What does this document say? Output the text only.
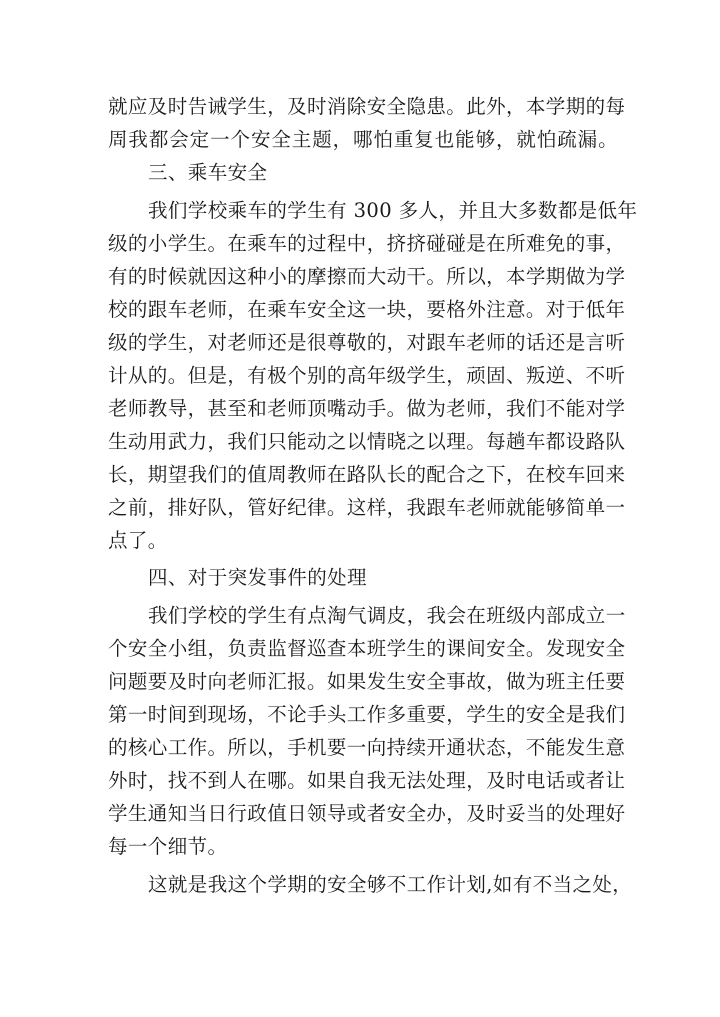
就应及时告诫学生，及时消除安全隐患。此外，本学期的每
周我都会定一个安全主题，哪怕重复也能够，就怕疏漏。
三、乘车安全
我们学校乘车的学生有 300 多人，并且大多数都是低年
级的小学生。在乘车的过程中，挤挤碰碰是在所难免的事，
有的时候就因这种小的摩擦而大动干。所以，本学期做为学
校的跟车老师，在乘车安全这一块，要格外注意。对于低年
级的学生，对老师还是很尊敬的，对跟车老师的话还是言听
计从的。但是，有极个别的高年级学生，顽固、叛逆、不听
老师教导，甚至和老师顶嘴动手。做为老师，我们不能对学
生动用武力，我们只能动之以情晓之以理。每趟车都设路队
长，期望我们的值周教师在路队长的配合之下，在校车回来
之前，排好队，管好纪律。这样，我跟车老师就能够简单一
点了。
四、对于突发事件的处理
我们学校的学生有点淘气调皮，我会在班级内部成立一
个安全小组，负责监督巡查本班学生的课间安全。发现安全
问题要及时向老师汇报。如果发生安全事故，做为班主任要
第一时间到现场，不论手头工作多重要，学生的安全是我们
的核心工作。所以，手机要一向持续开通状态，不能发生意
外时，找不到人在哪。如果自我无法处理，及时电话或者让
学生通知当日行政值日领导或者安全办，及时妥当的处理好
每一个细节。
这就是我这个学期的安全够不工作计划,如有不当之处，
